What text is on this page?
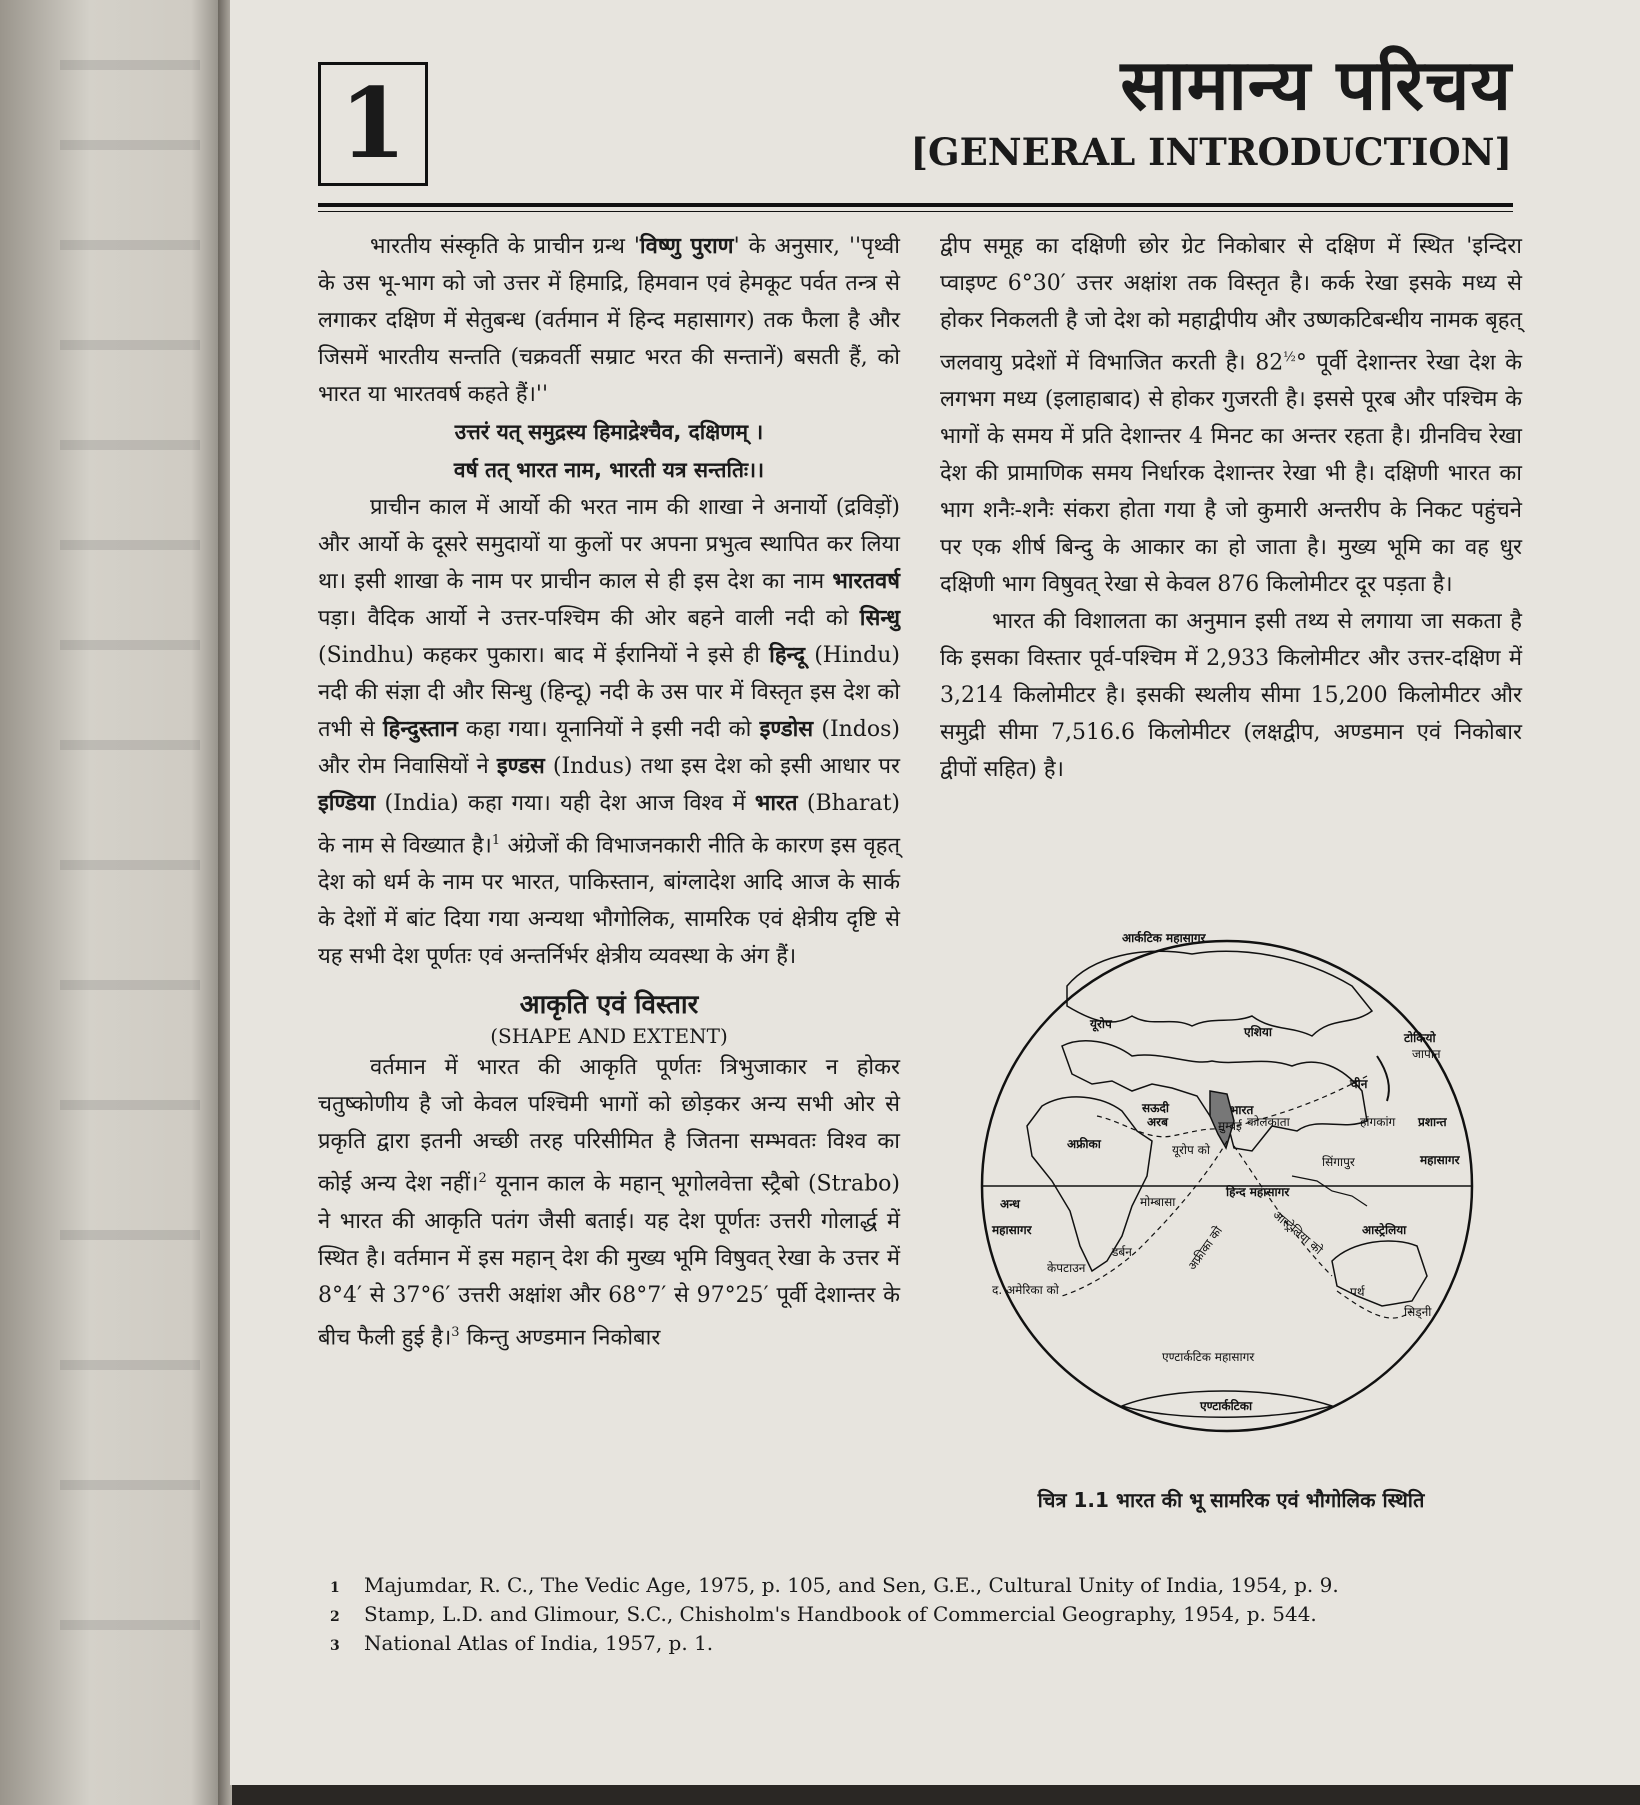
1	सामान्य परिचय
[GENERAL INTRODUCTION]

भारतीय संस्कृति के प्राचीन ग्रन्थ 'विष्णु पुराण' के अनुसार, ''पृथ्वी के उस भू-भाग को जो उत्तर में हिमाद्रि, हिमवान एवं हेमकूट पर्वत तन्त्र से लगाकर दक्षिण में सेतुबन्ध (वर्तमान में हिन्द महासागर) तक फैला है और जिसमें भारतीय सन्तति (चक्रवर्ती सम्राट भरत की सन्तानें) बसती हैं, को भारत या भारतवर्ष कहते हैं।''

उत्तरं यत् समुद्रस्य हिमाद्रेश्चैव, दक्षिणम् ।
वर्ष तत् भारत नाम, भारती यत्र सन्ततिः।।

प्राचीन काल में आर्यो की भरत नाम की शाखा ने अनार्यो (द्रविड़ों) और आर्यो के दूसरे समुदायों या कुलों पर अपना प्रभुत्व स्थापित कर लिया था। इसी शाखा के नाम पर प्राचीन काल से ही इस देश का नाम भारतवर्ष पड़ा। वैदिक आर्यो ने उत्तर-पश्चिम की ओर बहने वाली नदी को सिन्धु (Sindhu) कहकर पुकारा। बाद में ईरानियों ने इसे ही हिन्दू (Hindu) नदी की संज्ञा दी और सिन्धु (हिन्दू) नदी के उस पार में विस्तृत इस देश को तभी से हिन्दुस्तान कहा गया। यूनानियों ने इसी नदी को इण्डोस (Indos) और रोम निवासियों ने इण्डस (Indus) तथा इस देश को इसी आधार पर इण्डिया (India) कहा गया। यही देश आज विश्व में भारत (Bharat) के नाम से विख्यात है।$^1$ अंग्रेजों की विभाजनकारी नीति के कारण इस वृहत् देश को धर्म के नाम पर भारत, पाकिस्तान, बांग्लादेश आदि आज के सार्क के देशों में बांट दिया गया अन्यथा भौगोलिक, सामरिक एवं क्षेत्रीय दृष्टि से यह सभी देश पूर्णतः एवं अन्तर्निर्भर क्षेत्रीय व्यवस्था के अंग हैं।

आकृति एवं विस्तार
(SHAPE AND EXTENT)

वर्तमान में भारत की आकृति पूर्णतः त्रिभुजाकार न होकर चतुष्कोणीय है जो केवल पश्चिमी भागों को छोड़कर अन्य सभी ओर से प्रकृति द्वारा इतनी अच्छी तरह परिसीमित है जितना सम्भवतः विश्व का कोई अन्य देश नहीं।$^2$ यूनान काल के महान् भूगोलवेत्ता स्ट्रैबो (Strabo) ने भारत की आकृति पतंग जैसी बताई। यह देश पूर्णतः उत्तरी गोलार्द्ध में स्थित है। वर्तमान में इस महान् देश की मुख्य भूमि विषुवत् रेखा के उत्तर में 8°4′ से 37°6′ उत्तरी अक्षांश और 68°7′ से 97°25′ पूर्वी देशान्तर के बीच फैली हुई है।$^3$ किन्तु अण्डमान निकोबार

द्वीप समूह का दक्षिणी छोर ग्रेट निकोबार से दक्षिण में स्थित 'इन्दिरा प्वाइण्ट 6°30′ उत्तर अक्षांश तक विस्तृत है। कर्क रेखा इसके मध्य से होकर निकलती है जो देश को महाद्वीपीय और उष्णकटिबन्धीय नामक बृहत् जलवायु प्रदेशों में विभाजित करती है। $82^{\frac{1}{2}}^\circ$ पूर्वी देशान्तर रेखा देश के लगभग मध्य (इलाहाबाद) से होकर गुजरती है। इससे पूरब और पश्चिम के भागों के समय में प्रति देशान्तर 4 मिनट का अन्तर रहता है। ग्रीनविच रेखा देश की प्रामाणिक समय निर्धारक देशान्तर रेखा भी है। दक्षिणी भारत का भाग शनैः-शनैः संकरा होता गया है जो कुमारी अन्तरीप के निकट पहुंचने पर एक शीर्ष बिन्दु के आकार का हो जाता है। मुख्य भूमि का वह धुर दक्षिणी भाग विषुवत् रेखा से केवल 876 किलोमीटर दूर पड़ता है।

भारत की विशालता का अनुमान इसी तथ्य से लगाया जा सकता है कि इसका विस्तार पूर्व-पश्चिम में 2,933 किलोमीटर और उत्तर-दक्षिण में 3,214 किलोमीटर है। इसकी स्थलीय सीमा 15,200 किलोमीटर और समुद्री सीमा 7,516.6 किलोमीटर (लक्षद्वीप, अण्डमान एवं निकोबार द्वीपों सहित) है।

आर्कटिक महासागर
यूरोप
एशिया	टोकियो
जापान
चीन
सऊदी
अरब
भारत
मुम्बई कोलकाता	हांगकांग प्रशान्त
महासागर
अफ्रीका	यूरोप को
सिंगापुर
अन्ध
महासागर
मोम्बासा
हिन्द महासागर
अफ्रीका को	आस्ट्रेलिया को
डर्बन
केपटाउन
द. अमेरिका को
आस्ट्रेलिया
पर्थ
सिड्नी
एण्टार्कटिक महासागर
एण्टार्कटिका
चित्र 1.1 भारत की भू सामरिक एवं भौगोलिक स्थिति
1	Majumdar, R. C., The Vedic Age, 1975, p. 105, and Sen, G.E., Cultural Unity of India, 1954, p. 9.
2	Stamp, L.D. and Glimour, S.C., Chisholm's Handbook of Commercial Geography, 1954, p. 544.
3	National Atlas of India, 1957, p. 1.
